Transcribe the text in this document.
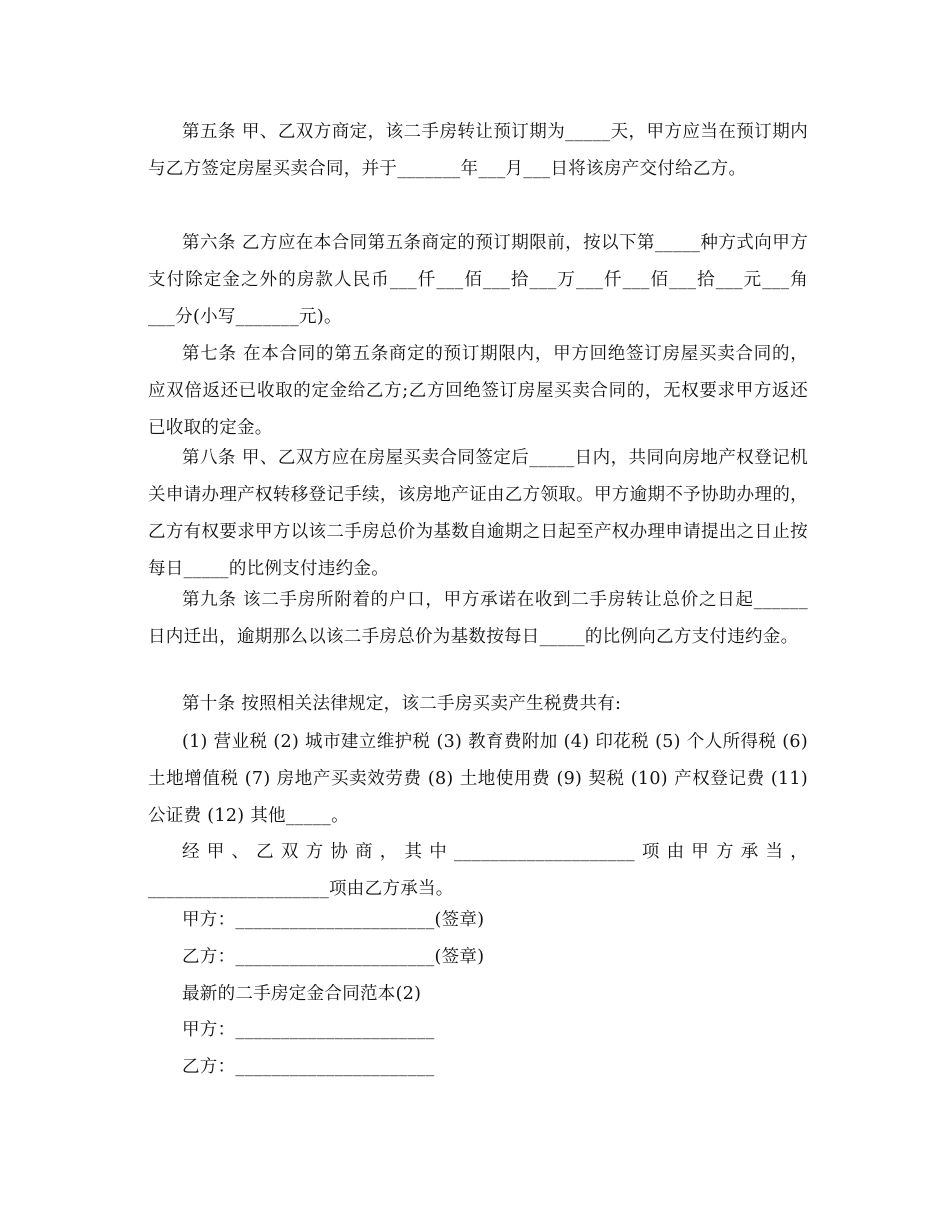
第五条 甲、乙双方商定，该二手房转让预订期为_____天，甲方应当在预订期内与乙方签定房屋买卖合同，并于_______年___月___日将该房产交付给乙方。

第六条 乙方应在本合同第五条商定的预订期限前，按以下第_____种方式向甲方支付除定金之外的房款人民币___仟___佰___拾___万___仟___佰___拾___元___角___分(小写_______元)。

第七条 在本合同的第五条商定的预订期限内，甲方回绝签订房屋买卖合同的，应双倍返还已收取的定金给乙方;乙方回绝签订房屋买卖合同的，无权要求甲方返还已收取的定金。

第八条 甲、乙双方应在房屋买卖合同签定后_____日内，共同向房地产权登记机关申请办理产权转移登记手续，该房地产证由乙方领取。甲方逾期不予协助办理的，乙方有权要求甲方以该二手房总价为基数自逾期之日起至产权办理申请提出之日止按每日_____的比例支付违约金。

第九条 该二手房所附着的户口，甲方承诺在收到二手房转让总价之日起______日内迁出，逾期那么以该二手房总价为基数按每日_____的比例向乙方支付违约金。

第十条 按照相关法律规定，该二手房买卖产生税费共有:

(1) 营业税 (2) 城市建立维护税 (3) 教育费附加 (4) 印花税 (5) 个人所得税 (6) 土地增值税 (7) 房地产买卖效劳费 (8) 土地使用费 (9) 契税 (10) 产权登记费 (11) 公证费 (12) 其他_____。

经甲、乙双方协商，其中____________________项由甲方承当，____________________项由乙方承当。

甲方：______________________(签章)

乙方：______________________(签章)

最新的二手房定金合同范本(2)

甲方：______________________

乙方：______________________
